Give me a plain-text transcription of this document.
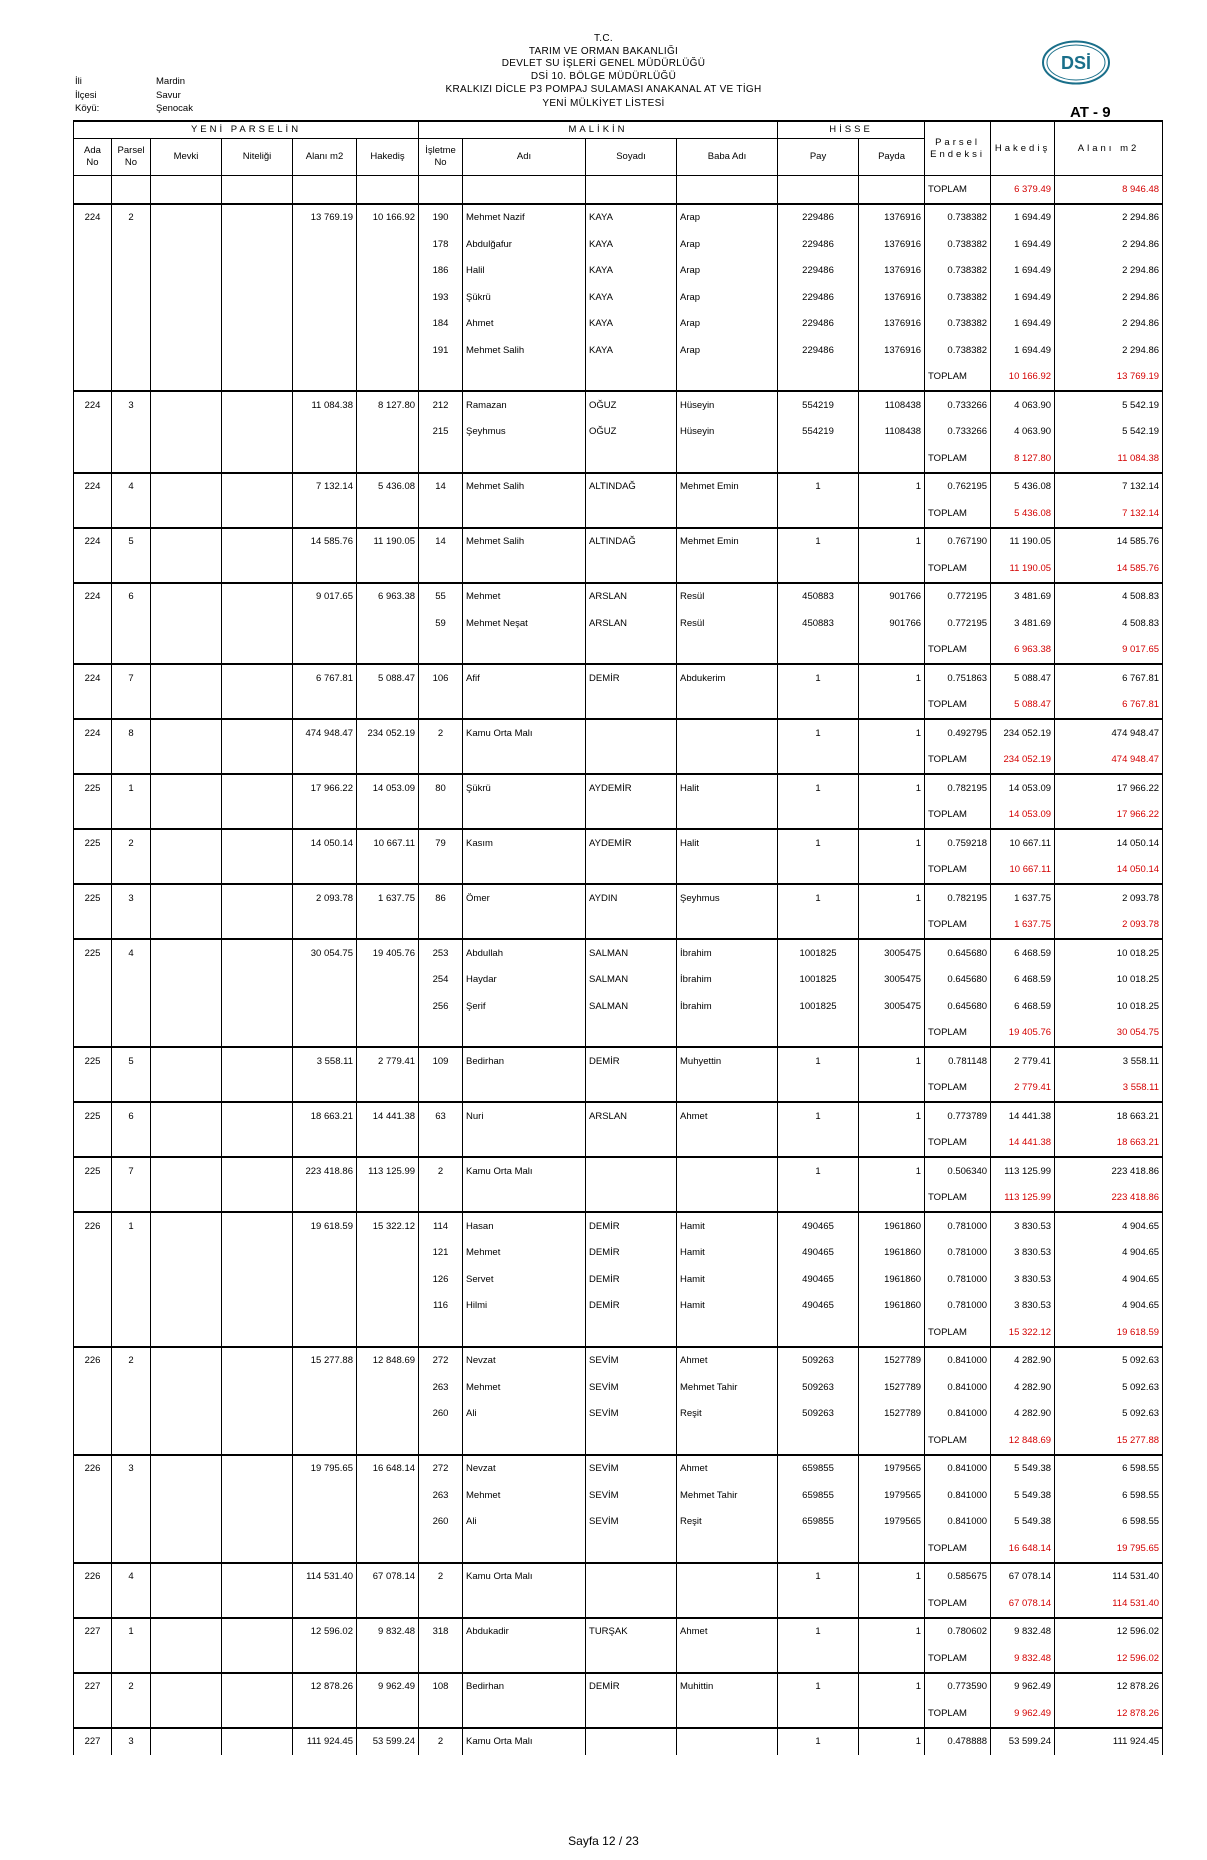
T.C.
TARIM VE ORMAN BAKANLIĞI
DEVLET SU İŞLERİ GENEL MÜDÜRLÜĞÜ
DSİ 10. BÖLGE MÜDÜRLÜĞÜ
KRALKIZI DİCLE P3 POMPAJ SULAMASI ANAKANAL AT VE TİGH
YENİ MÜLKİYET LİSTESİ
İli	Mardin
İlçesi	Savur
Köyü:	Şenocak
DSİ
AT - 9
YENİ PARSELİN						MALİKİN				HİSSE		Parsel Endeksi	Hakediş	Alanı m2
Ada No	Parsel No	Mevki	Niteliği	Alanı m2	Hakediş	İşletme No	Adı	Soyadı	Baba Adı	Pay	Payda			
												TOPLAM	6 379.49	8 946.48
224	2			13 769.19	10 166.92	190	Mehmet Nazif	KAYA	Arap	229486	1376916	0.738382	1 694.49	2 294.86
						178	Abdulğafur	KAYA	Arap	229486	1376916	0.738382	1 694.49	2 294.86
						186	Halil	KAYA	Arap	229486	1376916	0.738382	1 694.49	2 294.86
						193	Şükrü	KAYA	Arap	229486	1376916	0.738382	1 694.49	2 294.86
						184	Ahmet	KAYA	Arap	229486	1376916	0.738382	1 694.49	2 294.86
						191	Mehmet Salih	KAYA	Arap	229486	1376916	0.738382	1 694.49	2 294.86
												TOPLAM	10 166.92	13 769.19
224	3			11 084.38	8 127.80	212	Ramazan	OĞUZ	Hüseyin	554219	1108438	0.733266	4 063.90	5 542.19
						215	Şeyhmus	OĞUZ	Hüseyin	554219	1108438	0.733266	4 063.90	5 542.19
												TOPLAM	8 127.80	11 084.38
224	4			7 132.14	5 436.08	14	Mehmet Salih	ALTINDAĞ	Mehmet Emin	1	1	0.762195	5 436.08	7 132.14
												TOPLAM	5 436.08	7 132.14
224	5			14 585.76	11 190.05	14	Mehmet Salih	ALTINDAĞ	Mehmet Emin	1	1	0.767190	11 190.05	14 585.76
												TOPLAM	11 190.05	14 585.76
224	6			9 017.65	6 963.38	55	Mehmet	ARSLAN	Resül	450883	901766	0.772195	3 481.69	4 508.83
						59	Mehmet Neşat	ARSLAN	Resül	450883	901766	0.772195	3 481.69	4 508.83
												TOPLAM	6 963.38	9 017.65
224	7			6 767.81	5 088.47	106	Afif	DEMİR	Abdukerim	1	1	0.751863	5 088.47	6 767.81
												TOPLAM	5 088.47	6 767.81
224	8			474 948.47	234 052.19	2	Kamu Orta Malı			1	1	0.492795	234 052.19	474 948.47
												TOPLAM	234 052.19	474 948.47
225	1			17 966.22	14 053.09	80	Şükrü	AYDEMİR	Halit	1	1	0.782195	14 053.09	17 966.22
												TOPLAM	14 053.09	17 966.22
225	2			14 050.14	10 667.11	79	Kasım	AYDEMİR	Halit	1	1	0.759218	10 667.11	14 050.14
												TOPLAM	10 667.11	14 050.14
225	3			2 093.78	1 637.75	86	Ömer	AYDIN	Şeyhmus	1	1	0.782195	1 637.75	2 093.78
												TOPLAM	1 637.75	2 093.78
225	4			30 054.75	19 405.76	253	Abdullah	SALMAN	İbrahim	1001825	3005475	0.645680	6 468.59	10 018.25
						254	Haydar	SALMAN	İbrahim	1001825	3005475	0.645680	6 468.59	10 018.25
						256	Şerif	SALMAN	İbrahim	1001825	3005475	0.645680	6 468.59	10 018.25
												TOPLAM	19 405.76	30 054.75
225	5			3 558.11	2 779.41	109	Bedirhan	DEMİR	Muhyettin	1	1	0.781148	2 779.41	3 558.11
												TOPLAM	2 779.41	3 558.11
225	6			18 663.21	14 441.38	63	Nuri	ARSLAN	Ahmet	1	1	0.773789	14 441.38	18 663.21
												TOPLAM	14 441.38	18 663.21
225	7			223 418.86	113 125.99	2	Kamu Orta Malı			1	1	0.506340	113 125.99	223 418.86
												TOPLAM	113 125.99	223 418.86
226	1			19 618.59	15 322.12	114	Hasan	DEMİR	Hamit	490465	1961860	0.781000	3 830.53	4 904.65
						121	Mehmet	DEMİR	Hamit	490465	1961860	0.781000	3 830.53	4 904.65
						126	Servet	DEMİR	Hamit	490465	1961860	0.781000	3 830.53	4 904.65
						116	Hilmi	DEMİR	Hamit	490465	1961860	0.781000	3 830.53	4 904.65
												TOPLAM	15 322.12	19 618.59
226	2			15 277.88	12 848.69	272	Nevzat	SEVİM	Ahmet	509263	1527789	0.841000	4 282.90	5 092.63
						263	Mehmet	SEVİM	Mehmet Tahir	509263	1527789	0.841000	4 282.90	5 092.63
						260	Ali	SEVİM	Reşit	509263	1527789	0.841000	4 282.90	5 092.63
												TOPLAM	12 848.69	15 277.88
226	3			19 795.65	16 648.14	272	Nevzat	SEVİM	Ahmet	659855	1979565	0.841000	5 549.38	6 598.55
						263	Mehmet	SEVİM	Mehmet Tahir	659855	1979565	0.841000	5 549.38	6 598.55
						260	Ali	SEVİM	Reşit	659855	1979565	0.841000	5 549.38	6 598.55
												TOPLAM	16 648.14	19 795.65
226	4			114 531.40	67 078.14	2	Kamu Orta Malı			1	1	0.585675	67 078.14	114 531.40
												TOPLAM	67 078.14	114 531.40
227	1			12 596.02	9 832.48	318	Abdukadir	TURŞAK	Ahmet	1	1	0.780602	9 832.48	12 596.02
												TOPLAM	9 832.48	12 596.02
227	2			12 878.26	9 962.49	108	Bedirhan	DEMİR	Muhittin	1	1	0.773590	9 962.49	12 878.26
												TOPLAM	9 962.49	12 878.26
227	3			111 924.45	53 599.24	2	Kamu Orta Malı			1	1	0.478888	53 599.24	111 924.45
Sayfa 12 / 23
